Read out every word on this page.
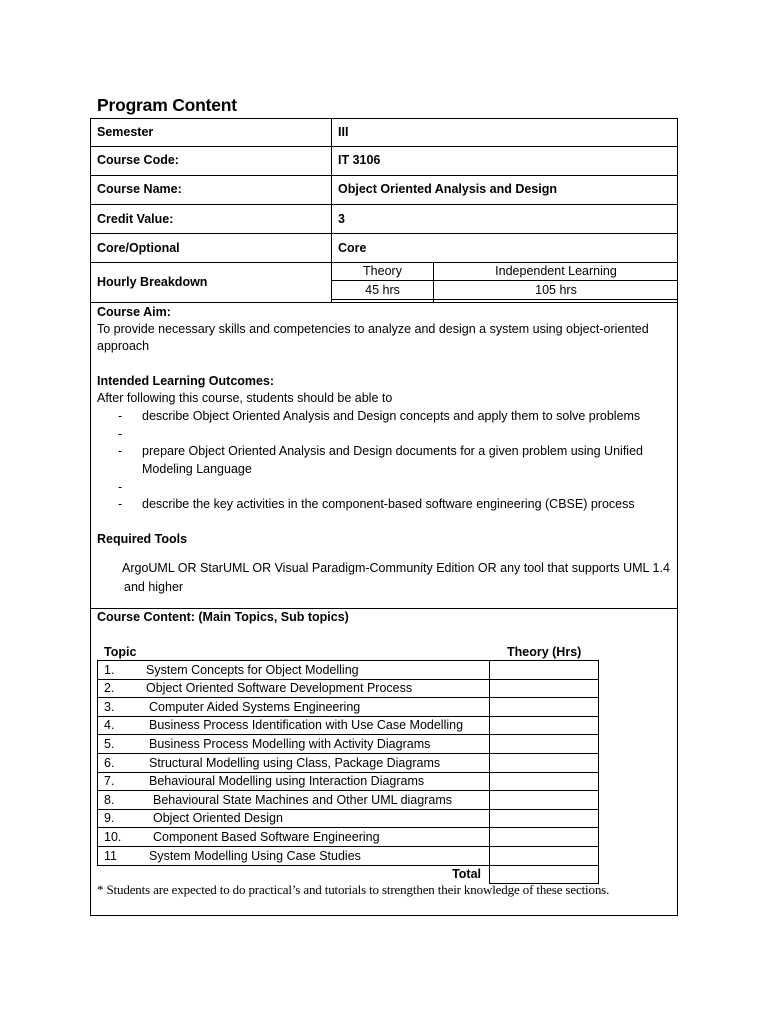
Program Content
Semester	III
Course Code:	IT 3106
Course Name:	Object Oriented Analysis and Design
Credit Value:	3
Core/Optional	Core
Hourly Breakdown
Theory	Independent Learning
45 hrs	105 hrs
Course Aim:
To provide necessary skills and competencies to analyze and design a system using object-oriented
approach
Intended Learning Outcomes:
After following this course, students should be able to
- describe Object Oriented Analysis and Design concepts and apply them to solve problems
-
- prepare Object Oriented Analysis and Design documents for a given problem using Unified
Modeling Language
-
- describe the key activities in the component-based software engineering (CBSE) process
Required Tools
ArgoUML OR StarUML OR Visual Paradigm-Community Edition OR any tool that supports UML 1.4
and higher
Course Content: (Main Topics, Sub topics)
Topic	Theory (Hrs)
1.	System Concepts for Object Modelling
2.	Object Oriented Software Development Process
3.	Computer Aided Systems Engineering
4.	Business Process Identification with Use Case Modelling
5.	Business Process Modelling with Activity Diagrams
6.	Structural Modelling using Class, Package Diagrams
7.	Behavioural Modelling using Interaction Diagrams
8.	Behavioural State Machines and Other UML diagrams
9.	Object Oriented Design
10.	Component Based Software Engineering
11	System Modelling Using Case Studies
Total
* Students are expected to do practical’s and tutorials to strengthen their knowledge of these sections.
